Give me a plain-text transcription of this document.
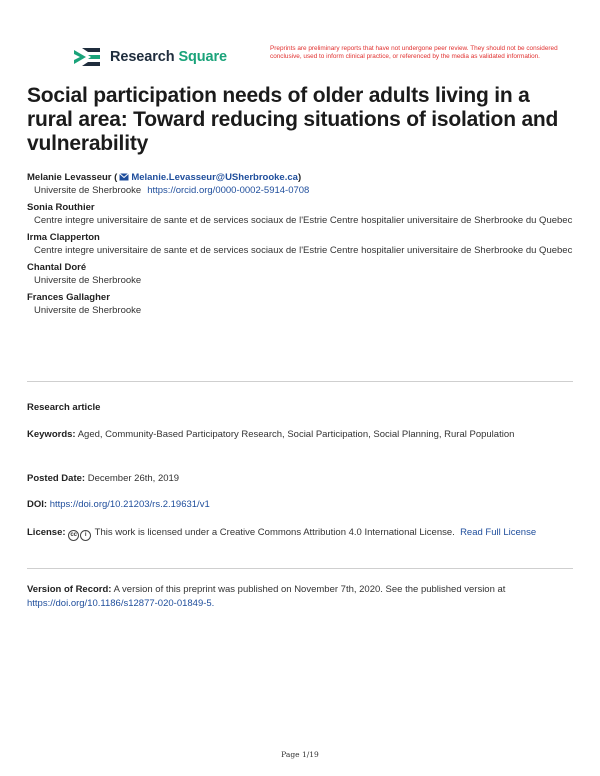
Research Square
Preprints are preliminary reports that have not undergone peer review. They should not be considered conclusive, used to inform clinical practice, or referenced by the media as validated information.
Social participation needs of older adults living in a rural area: Toward reducing situations of isolation and vulnerability
Melanie Levasseur ( Melanie.Levasseur@USherbrooke.ca)
Universite de Sherbrooke https://orcid.org/0000-0002-5914-0708
Sonia Routhier
Centre integre universitaire de sante et de services sociaux de l'Estrie Centre hospitalier universitaire de Sherbrooke du Quebec
Irma Clapperton
Centre integre universitaire de sante et de services sociaux de l'Estrie Centre hospitalier universitaire de Sherbrooke du Quebec
Chantal Doré
Universite de Sherbrooke
Frances Gallagher
Universite de Sherbrooke
Research article
Keywords: Aged, Community-Based Participatory Research, Social Participation, Social Planning, Rural Population
Posted Date: December 26th, 2019
DOI: https://doi.org/10.21203/rs.2.19631/v1
License: cc i This work is licensed under a Creative Commons Attribution 4.0 International License. Read Full License
Version of Record: A version of this preprint was published on November 7th, 2020. See the published version at https://doi.org/10.1186/s12877-020-01849-5.
Page 1/19
